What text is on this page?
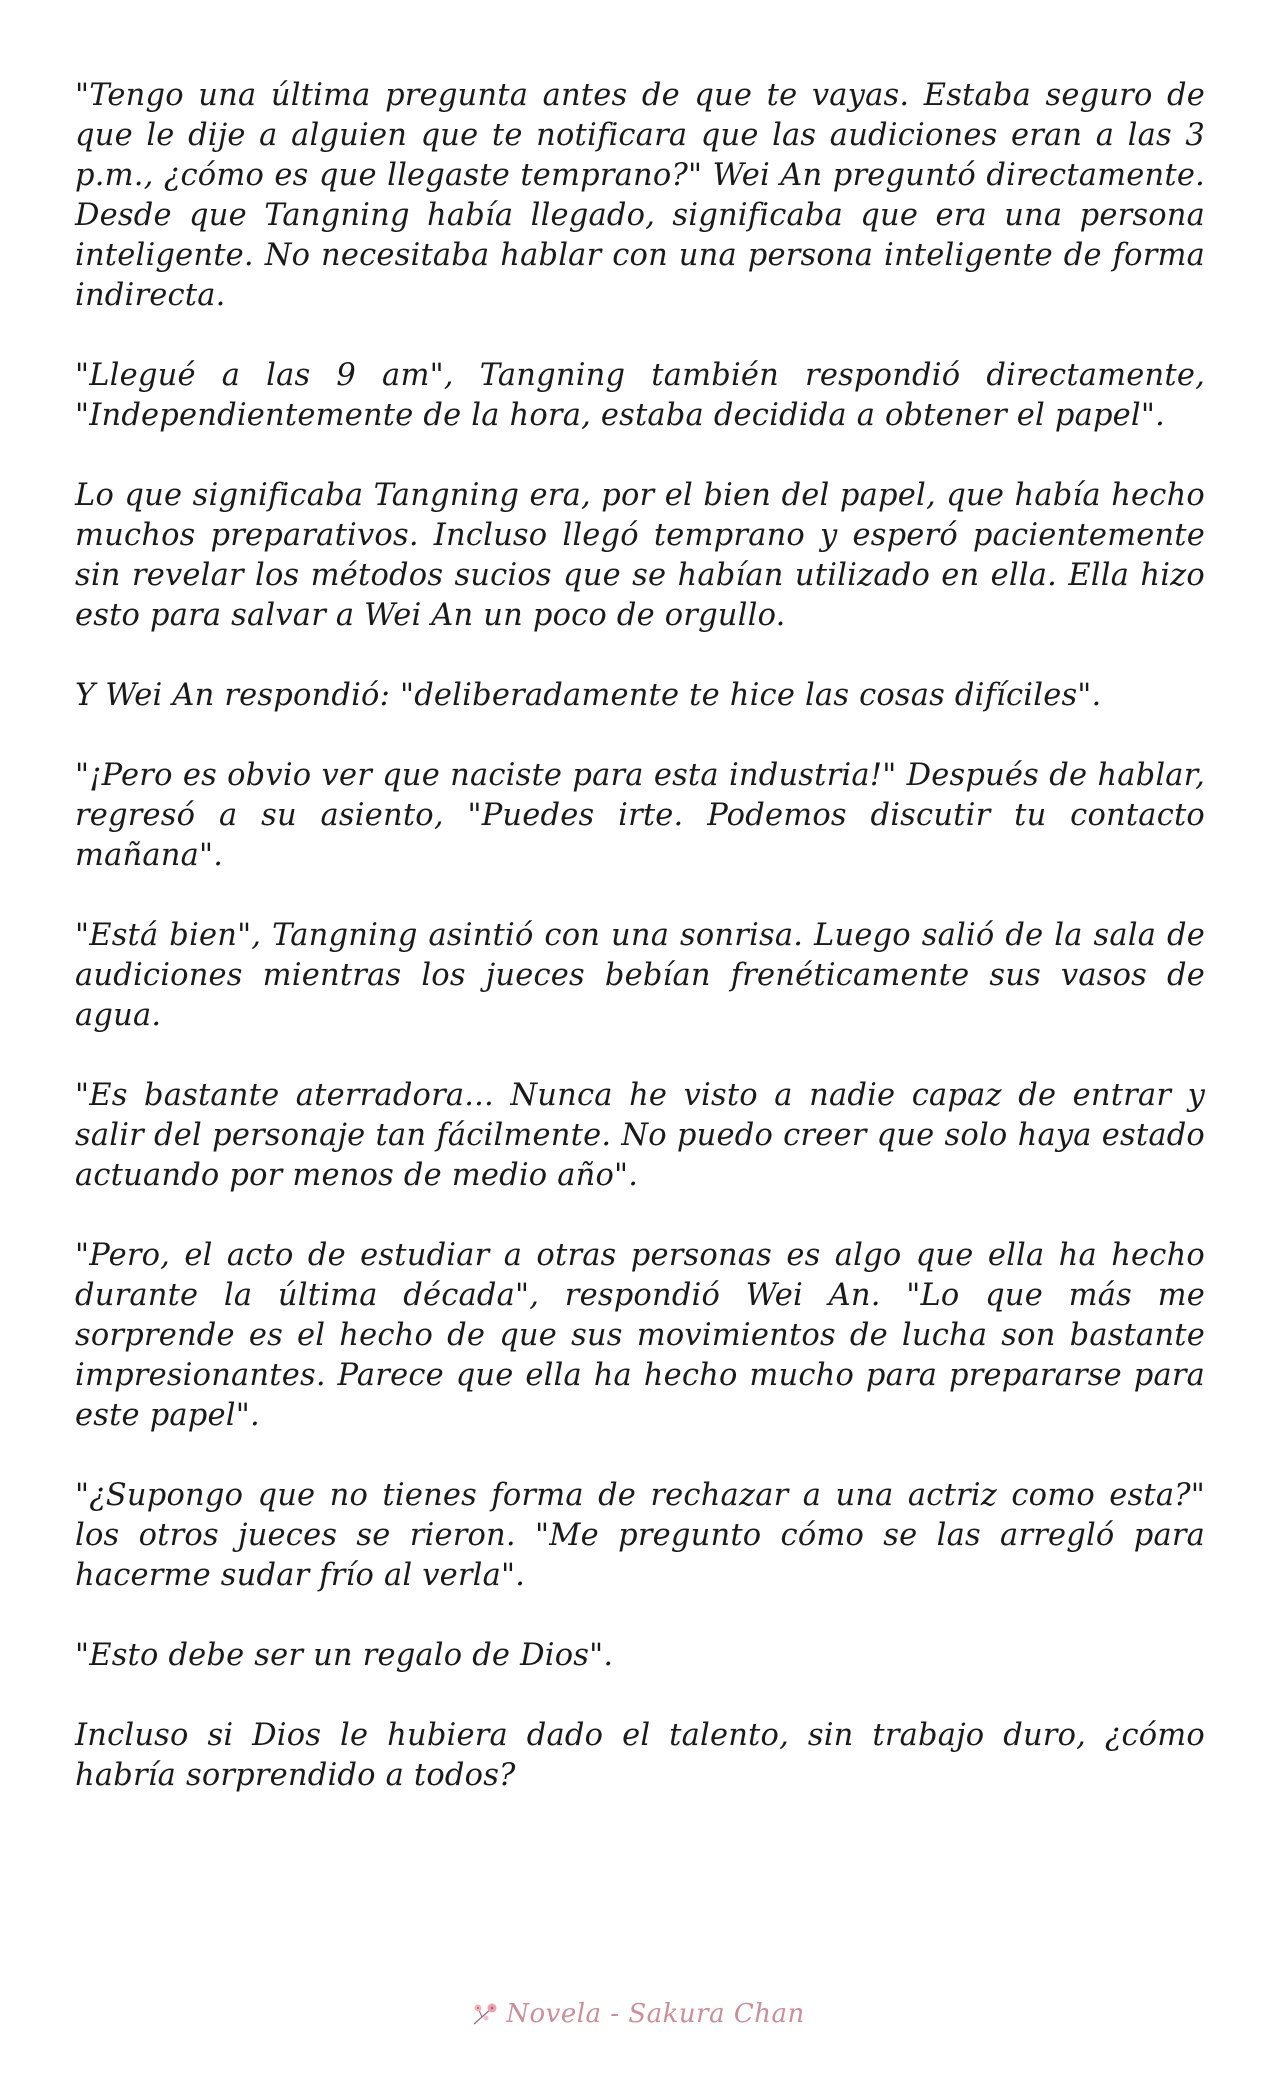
"Tengo una última pregunta antes de que te vayas. Estaba seguro de que le dije a alguien que te notificara que las audiciones eran a las 3 p.m., ¿cómo es que llegaste temprano?" Wei An preguntó directamente. Desde que Tangning había llegado, significaba que era una persona inteligente. No necesitaba hablar con una persona inteligente de forma indirecta.

"Llegué a las 9 am", Tangning también respondió directamente, "Independientemente de la hora, estaba decidida a obtener el papel".

Lo que significaba Tangning era, por el bien del papel, que había hecho muchos preparativos. Incluso llegó temprano y esperó pacientemente sin revelar los métodos sucios que se habían utilizado en ella. Ella hizo esto para salvar a Wei An un poco de orgullo.

Y Wei An respondió: "deliberadamente te hice las cosas difíciles".

"¡Pero es obvio ver que naciste para esta industria!" Después de hablar, regresó a su asiento, "Puedes irte. Podemos discutir tu contacto mañana".

"Está bien", Tangning asintió con una sonrisa. Luego salió de la sala de audiciones mientras los jueces bebían frenéticamente sus vasos de agua.

"Es bastante aterradora... Nunca he visto a nadie capaz de entrar y salir del personaje tan fácilmente. No puedo creer que solo haya estado actuando por menos de medio año".

"Pero, el acto de estudiar a otras personas es algo que ella ha hecho durante la última década", respondió Wei An. "Lo que más me sorprende es el hecho de que sus movimientos de lucha son bastante impresionantes. Parece que ella ha hecho mucho para prepararse para este papel".

"¿Supongo que no tienes forma de rechazar a una actriz como esta?" los otros jueces se rieron. "Me pregunto cómo se las arregló para hacerme sudar frío al verla".

"Esto debe ser un regalo de Dios".

Incluso si Dios le hubiera dado el talento, sin trabajo duro, ¿cómo habría sorprendido a todos?

Novela - Sakura Chan
